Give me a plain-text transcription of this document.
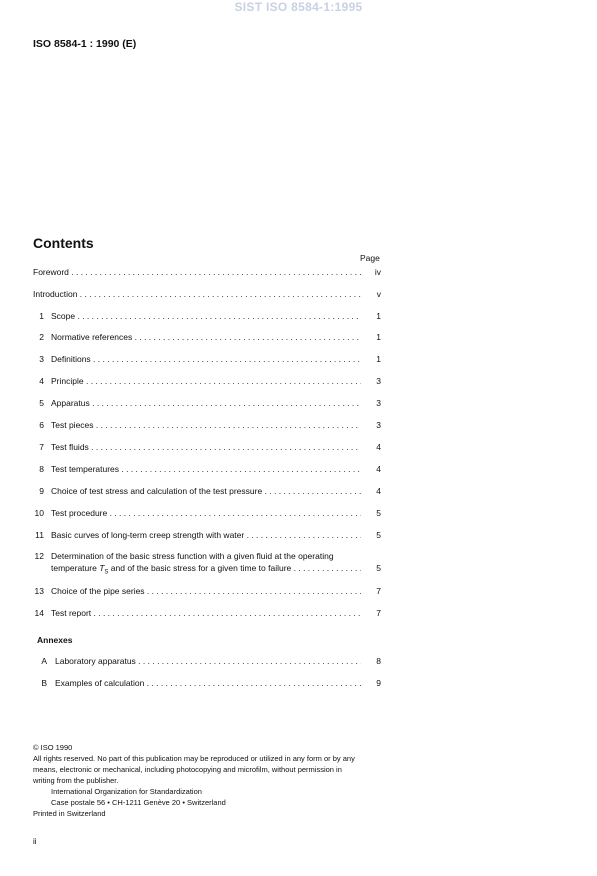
SIST ISO 8584-1:1995
ISO 8584-1 : 1990 (E)
Contents
Page
Foreword . . .	iv
Introduction . . .	v
1 Scope . . .	1
2 Normative references . . .	1
3 Definitions . . .	1
4 Principle . . .	3
5 Apparatus . . .	3
6 Test pieces . . .	3
7 Test fluids . . .	4
8 Test temperatures . . .	4
9 Choice of test stress and calculation of the test pressure . . .	4
10 Test procedure . . .	5
11 Basic curves of long-term creep strength with water . . .	5
12 Determination of the basic stress function with a given fluid at the operating
temperature $T_S$ and of the basic stress for a given time to failure . . .	5
13 Choice of the pipe series . . .	7
14 Test report . . .	7
Annexes
A Laboratory apparatus . . .	8
B Examples of calculation . . .	9
© ISO 1990
All rights reserved. No part of this publication may be reproduced or utilized in any form or by any
means, electronic or mechanical, including photocopying and microfilm, without permission in
writing from the publisher.
International Organization for Standardization
Case postale 56 • CH-1211 Genève 20 • Switzerland
Printed in Switzerland
ii
